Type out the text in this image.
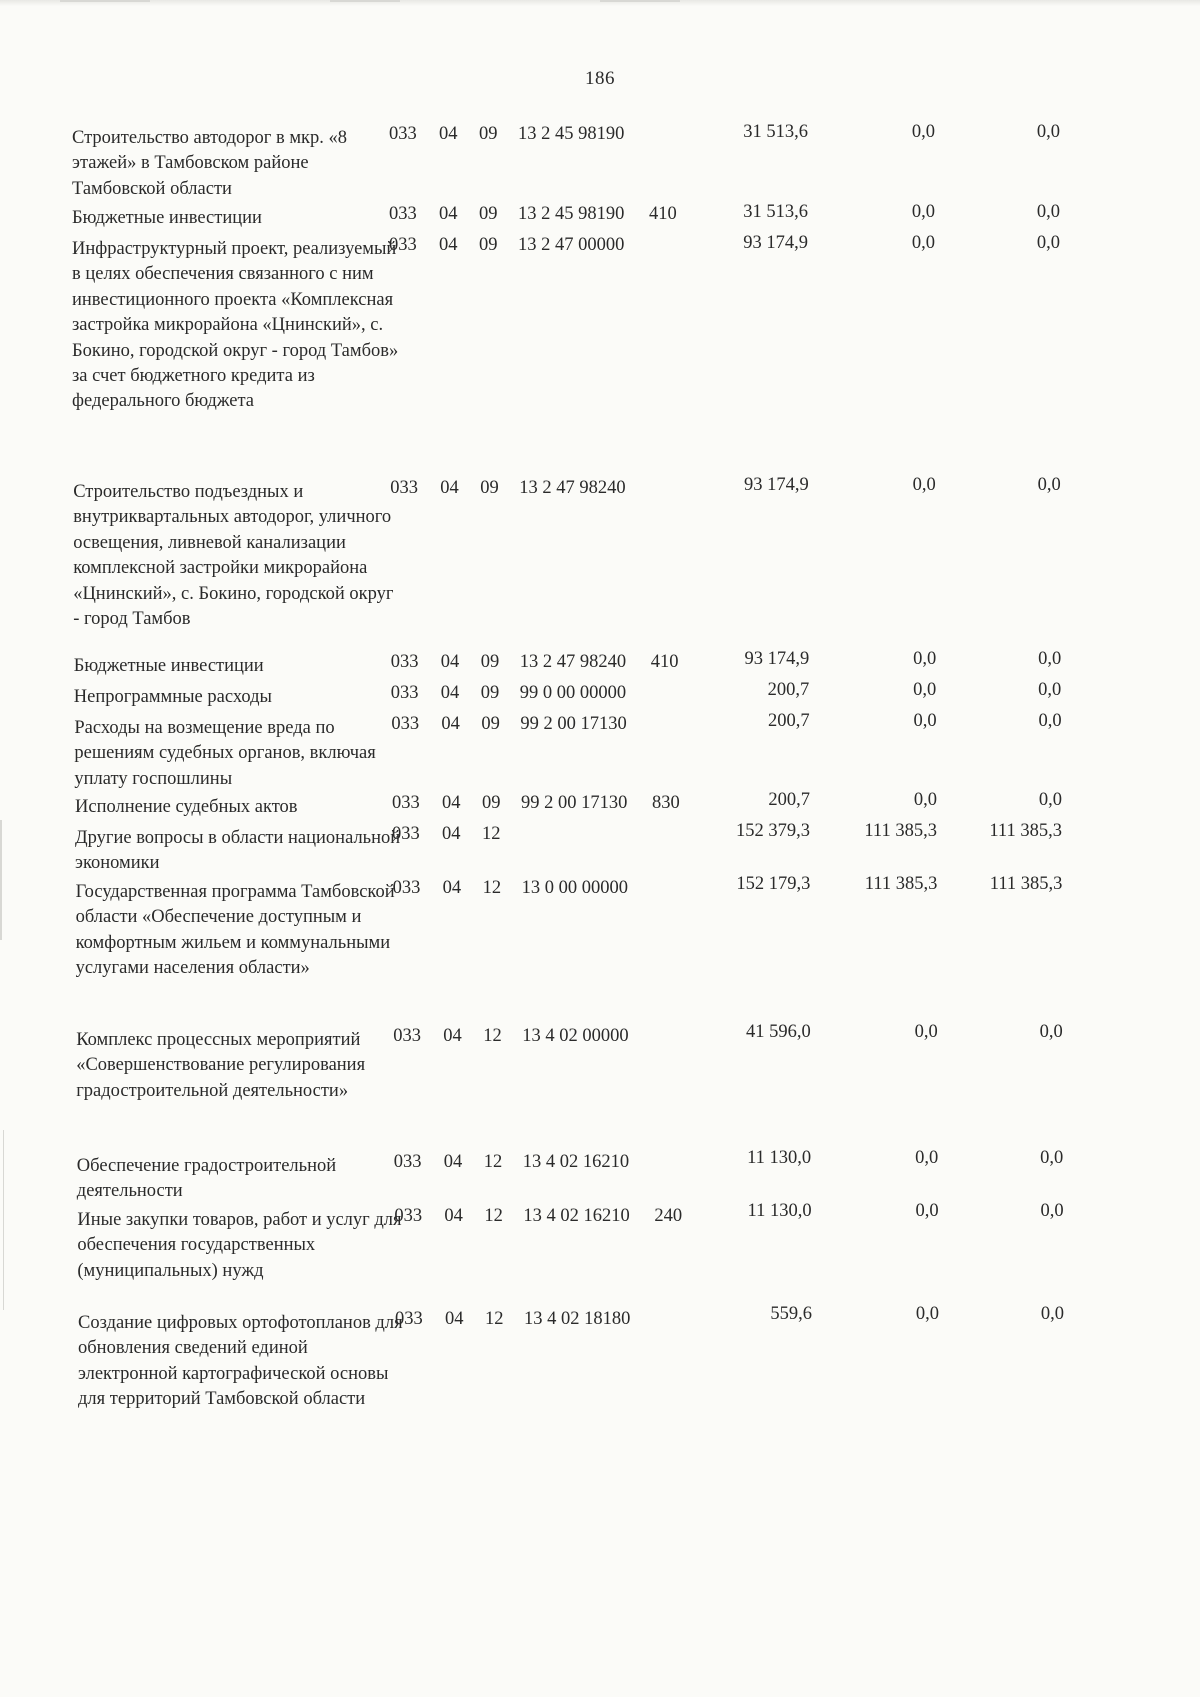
186
Строительство автодорог в мкр. «8 этажей» в Тамбовском районе Тамбовской области
033 04 09 13 2 45 98190	31 513,6	0,0	0,0
Бюджетные инвестиции	033 04 09 13 2 45 98190 410	31 513,6	0,0	0,0
Инфраструктурный проект, реализуемый в целях обеспечения связанного с ним инвестиционного проекта «Комплексная застройка микрорайона «Цнинский», с. Бокино, городской округ - город Тамбов» за счет бюджетного кредита из федерального бюджета
033 04 09 13 2 47 00000	93 174,9	0,0	0,0
Строительство подъездных и внутриквартальных автодорог, уличного освещения, ливневой канализации комплексной застройки микрорайона «Цнинский», с. Бокино, городской округ - город Тамбов
033 04 09 13 2 47 98240	93 174,9	0,0	0,0
Бюджетные инвестиции	033 04 09 13 2 47 98240 410	93 174,9	0,0	0,0
Непрограммные расходы	033 04 09 99 0 00 00000	200,7	0,0	0,0
Расходы на возмещение вреда по решениям судебных органов, включая уплату госпошлины
033 04 09 99 2 00 17130	200,7	0,0	0,0
Исполнение судебных актов	033 04 09 99 2 00 17130 830	200,7	0,0	0,0
Другие вопросы в области национальной экономики
033 04 12	152 379,3	111 385,3	111 385,3
Государственная программа Тамбовской области «Обеспечение доступным и комфортным жильем и коммунальными услугами населения области»
033 04 12 13 0 00 00000	152 179,3	111 385,3	111 385,3
Комплекс процессных мероприятий «Совершенствование регулирования градостроительной деятельности»
033 04 12 13 4 02 00000	41 596,0	0,0	0,0
Обеспечение градостроительной деятельности
033 04 12 13 4 02 16210	11 130,0	0,0	0,0
Иные закупки товаров, работ и услуг для обеспечения государственных (муниципальных) нужд
033 04 12 13 4 02 16210 240	11 130,0	0,0	0,0
Создание цифровых ортофотопланов для обновления сведений единой электронной картографической основы для территорий Тамбовской области
033 04 12 13 4 02 18180	559,6	0,0	0,0
